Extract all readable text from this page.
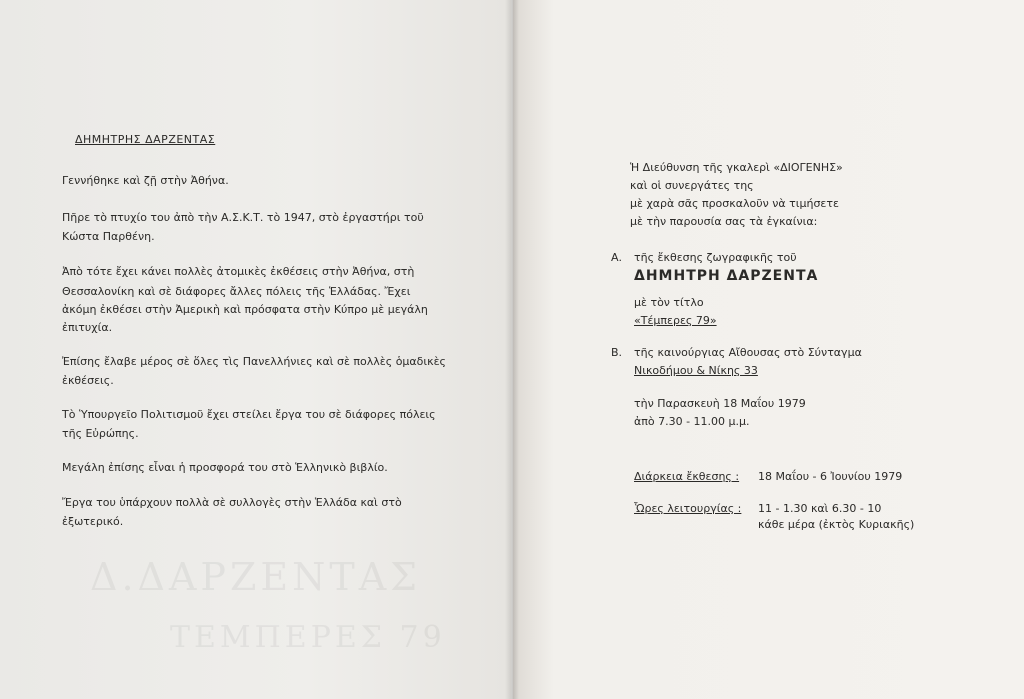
Δ.ΔΑΡΖΕΝΤΑΣ
ΤΕΜΠΕΡΕΣ 79
ΔΗΜΗΤΡΗΣ ΔΑΡΖΕΝΤΑΣ
Γεννήθηκε καὶ ζῇ στὴν Ἀθήνα.
Πῆρε τὸ πτυχίο του ἀπὸ τὴν Α.Σ.Κ.Τ. τὸ 1947, στὸ ἐργαστήρι τοῦ
Κώστα Παρθένη.
Ἀπὸ τότε ἔχει κάνει πολλὲς ἀτομικὲς ἐκθέσεις στὴν Ἀθήνα, στὴ
Θεσσαλονίκη καὶ σὲ διάφορες ἄλλες πόλεις τῆς Ἑλλάδας. Ἔχει
ἀκόμη ἐκθέσει στὴν Ἀμερικὴ καὶ πρόσφατα στὴν Κύπρο μὲ μεγάλη
ἐπιτυχία.
Ἐπίσης ἔλαβε μέρος σὲ ὅλες τὶς Πανελλήνιες καὶ σὲ πολλὲς ὁμαδικὲς
ἐκθέσεις.
Τὸ Ὑπουργεῖο Πολιτισμοῦ ἔχει στείλει ἔργα του σὲ διάφορες πόλεις
τῆς Εὐρώπης.
Μεγάλη ἐπίσης εἶναι ἡ προσφορά του στὸ Ἑλληνικὸ βιβλίο.
Ἔργα του ὑπάρχουν πολλὰ σὲ συλλογὲς στὴν Ἑλλάδα καὶ στὸ
ἐξωτερικό.
Ἡ Διεύθυνση τῆς γκαλερὶ «ΔΙΟΓΕΝΗΣ»
καὶ οἱ συνεργάτες της
μὲ χαρὰ σᾶς προσκαλοῦν νὰ τιμήσετε
μὲ τὴν παρουσία σας τὰ ἐγκαίνια:
Α. τῆς ἔκθεσης ζωγραφικῆς τοῦ
ΔΗΜΗΤΡΗ ΔΑΡΖΕΝΤΑ
μὲ τὸν τίτλο
«Τέμπερες 79»
Β. τῆς καινούργιας Αἴθουσας στὸ Σύνταγμα
Νικοδήμου & Νίκης 33
τὴν Παρασκευὴ 18 Μαΐου 1979
ἀπὸ 7.30 - 11.00 μ.μ.
Διάρκεια ἔκθεσης : 18 Μαΐου - 6 Ἰουνίου 1979
Ὧρες λειτουργίας : 11 - 1.30 καὶ 6.30 - 10
κάθε μέρα (ἐκτὸς Κυριακῆς)
